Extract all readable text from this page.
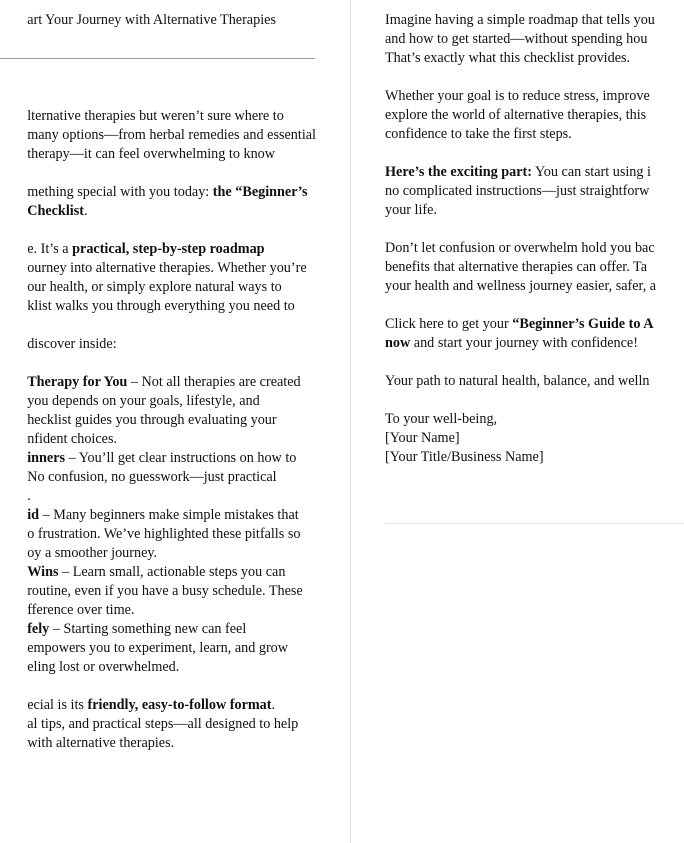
art Your Journey with Alternative Therapies
lternative therapies but weren’t sure where to
many options—from herbal remedies and essential
therapy—it can feel overwhelming to know
mething special with you today: the “Beginner’s
Checklist.
e. It’s a practical, step-by-step roadmap
ourney into alternative therapies. Whether you’re
our health, or simply explore natural ways to
klist walks you through everything you need to
discover inside:
Therapy for You – Not all therapies are created
you depends on your goals, lifestyle, and
hecklist guides you through evaluating your
nfident choices.
inners – You’ll get clear instructions on how to
No confusion, no guesswork—just practical
.
id – Many beginners make simple mistakes that
o frustration. We’ve highlighted these pitfalls so
oy a smoother journey.
Wins – Learn small, actionable steps you can
routine, even if you have a busy schedule. These
fference over time.
fely – Starting something new can feel
empowers you to experiment, learn, and grow
eling lost or overwhelmed.
ecial is its friendly, easy-to-follow format.
al tips, and practical steps—all designed to help
with alternative therapies.
Imagine having a simple roadmap that tells you
and how to get started—without spending hou
That’s exactly what this checklist provides.
Whether your goal is to reduce stress, improve
explore the world of alternative therapies, this
confidence to take the first steps.
Here’s the exciting part: You can start using i
no complicated instructions—just straightforw
your life.
Don’t let confusion or overwhelm hold you bac
benefits that alternative therapies can offer. Ta
your health and wellness journey easier, safer, a
Click here to get your “Beginner’s Guide to A
now and start your journey with confidence!
Your path to natural health, balance, and welln
To your well-being,
[Your Name]
[Your Title/Business Name]
